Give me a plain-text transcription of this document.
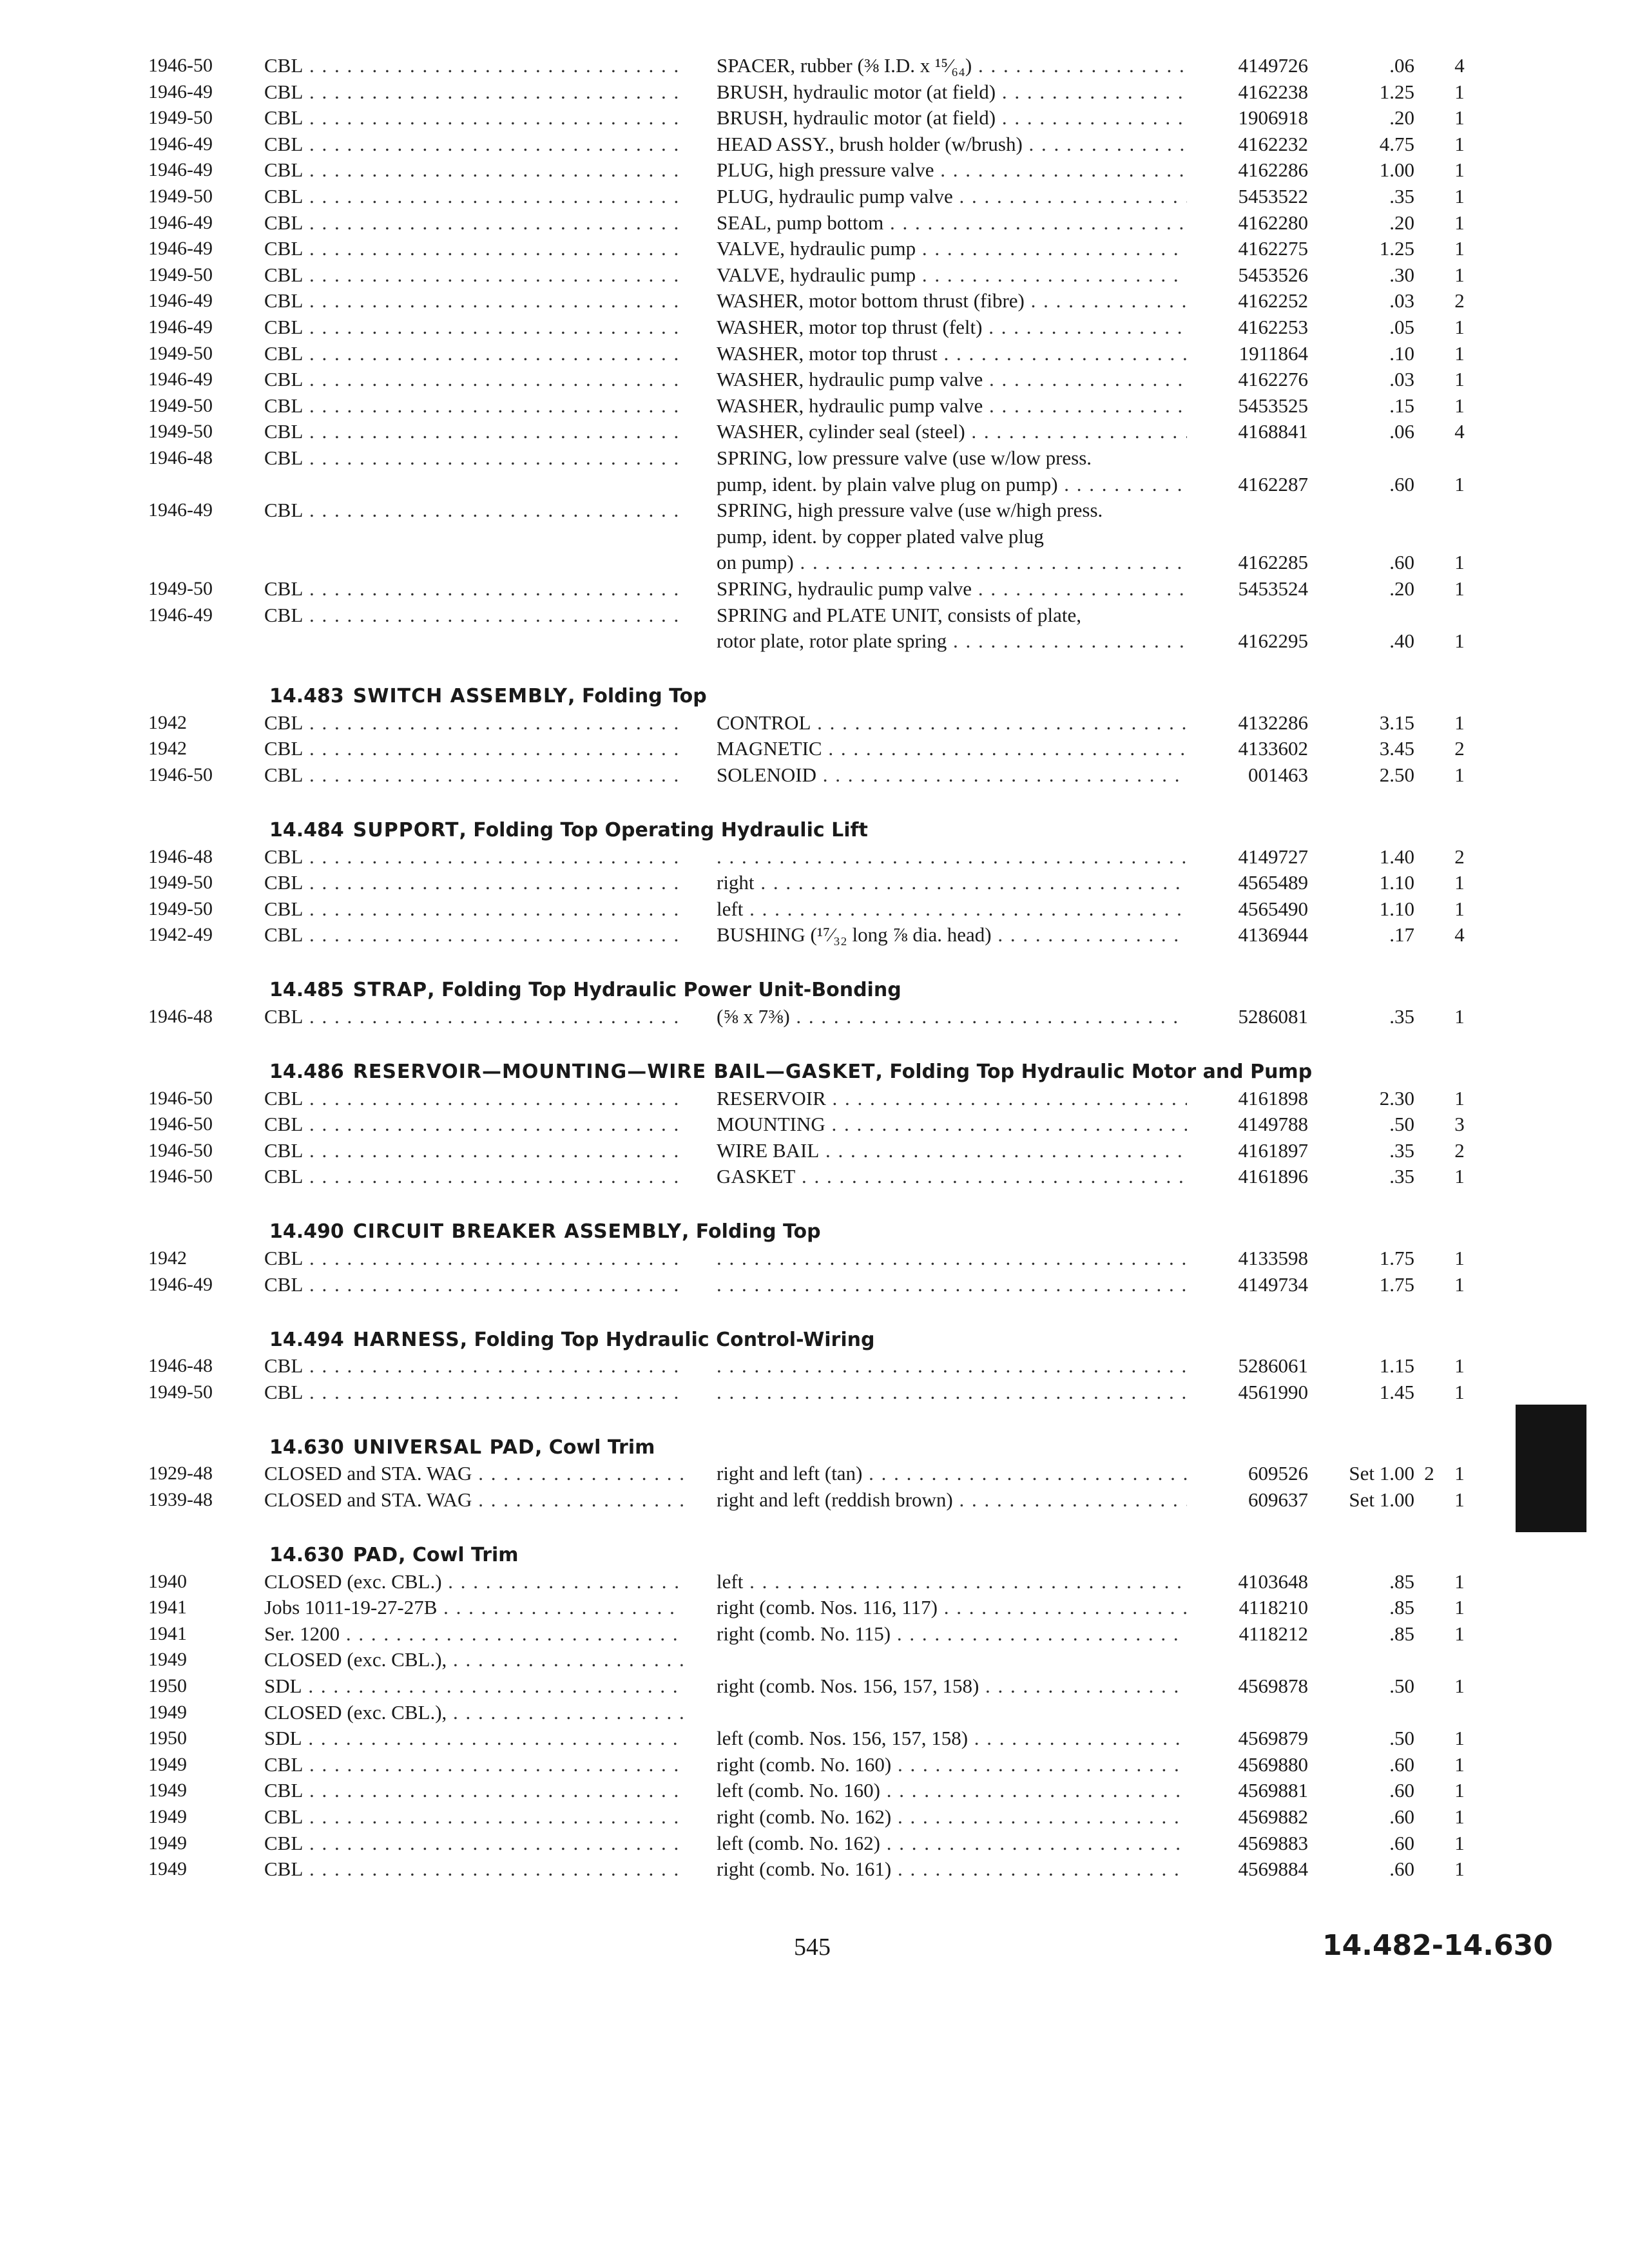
545	14.482-14.630
1946-50	CBL . . .	SPACER, rubber (⅜ I.D. x ¹⁵⁄₆₄) . . .	4149726	.06	4
1946-49	CBL . . .	BRUSH, hydraulic motor (at field) . . .	4162238	1.25	1
1949-50	CBL . . .	BRUSH, hydraulic motor (at field) . . .	1906918	.20	1
1946-49	CBL . . .	HEAD ASSY., brush holder (w/brush) . . .	4162232	4.75	1
1946-49	CBL . . .	PLUG, high pressure valve . . .	4162286	1.00	1
1949-50	CBL . . .	PLUG, hydraulic pump valve . . .	5453522	.35	1
1946-49	CBL . . .	SEAL, pump bottom . . .	4162280	.20	1
1946-49	CBL . . .	VALVE, hydraulic pump . . .	4162275	1.25	1
1949-50	CBL . . .	VALVE, hydraulic pump . . .	5453526	.30	1
1946-49	CBL . . .	WASHER, motor bottom thrust (fibre) . . .	4162252	.03	2
1946-49	CBL . . .	WASHER, motor top thrust (felt) . . .	4162253	.05	1
1949-50	CBL . . .	WASHER, motor top thrust . . .	1911864	.10	1
1946-49	CBL . . .	WASHER, hydraulic pump valve . . .	4162276	.03	1
1949-50	CBL . . .	WASHER, hydraulic pump valve . . .	5453525	.15	1
1949-50	CBL . . .	WASHER, cylinder seal (steel) . . .	4168841	.06	4
1946-48	CBL . . .	SPRING, low pressure valve (use w/low press.
pump, ident. by plain valve plug on pump) . . .	4162287	.60	1
1946-49	CBL . . .	SPRING, high pressure valve (use w/high press.
pump, ident. by copper plated valve plug
on pump) . . .	4162285	.60	1
1949-50	CBL . . .	SPRING, hydraulic pump valve . . .	5453524	.20	1
1946-49	CBL . . .	SPRING and PLATE UNIT, consists of plate,
rotor plate, rotor plate spring . . .	4162295	.40	1
14.483 SWITCH ASSEMBLY, Folding Top
1942	CBL . . .	CONTROL . . .	4132286	3.15	1
1942	CBL . . .	MAGNETIC . . .	4133602	3.45	2
1946-50	CBL . . .	SOLENOID . . .	001463	2.50	1
14.484 SUPPORT, Folding Top Operating Hydraulic Lift
1946-48	CBL . . . . . .	4149727	1.40	2
1949-50	CBL . . .	right . . .	4565489	1.10	1
1949-50	CBL . . .	left . . .	4565490	1.10	1
1942-49	CBL . . .	BUSHING (¹⁷⁄₃₂ long ⅞ dia. head) . . .	4136944	.17	4
14.485 STRAP, Folding Top Hydraulic Power Unit-Bonding
1946-48	CBL . . .	(⅝ x 7⅜) . . .	5286081	.35	1
14.486 RESERVOIR—MOUNTING—WIRE BAIL—GASKET, Folding Top Hydraulic Motor and Pump
1946-50	CBL . . .	RESERVOIR . . .	4161898	2.30	1
1946-50	CBL . . .	MOUNTING . . .	4149788	.50	3
1946-50	CBL . . .	WIRE BAIL . . .	4161897	.35	2
1946-50	CBL . . .	GASKET . . .	4161896	.35	1
14.490 CIRCUIT BREAKER ASSEMBLY, Folding Top
1942	CBL . . . . . .	4133598	1.75	1
1946-49	CBL . . . . . .	4149734	1.75	1
14.494 HARNESS, Folding Top Hydraulic Control-Wiring
1946-48	CBL . . . . . .	5286061	1.15	1
1949-50	CBL . . . . . .	4561990	1.45	1
14.630 UNIVERSAL PAD, Cowl Trim
1929-48	CLOSED and STA. WAG . . .	right and left (tan) . . .	609526	Set 1.00 2	1
1939-48	CLOSED and STA. WAG . . .	right and left (reddish brown) . . .	609637	Set 1.00	1
14.630 PAD, Cowl Trim
1940	CLOSED (exc. CBL.) . . .	left . . .	4103648	.85	1
1941	Jobs 1011-19-27-27B . . .	right (comb. Nos. 116, 117) . . .	4118210	.85	1
1941	Ser. 1200 . . .	right (comb. No. 115) . . .	4118212	.85	1
1949	CLOSED (exc. CBL.), . . .
1950	SDL . . .	right (comb. Nos. 156, 157, 158) . . .	4569878	.50	1
1949	CLOSED (exc. CBL.), . . .
1950	SDL . . .	left (comb. Nos. 156, 157, 158) . . .	4569879	.50	1
1949	CBL . . .	right (comb. No. 160) . . .	4569880	.60	1
1949	CBL . . .	left (comb. No. 160) . . .	4569881	.60	1
1949	CBL . . .	right (comb. No. 162) . . .	4569882	.60	1
1949	CBL . . .	left (comb. No. 162) . . .	4569883	.60	1
1949	CBL . . .	right (comb. No. 161) . . .	4569884	.60	1
